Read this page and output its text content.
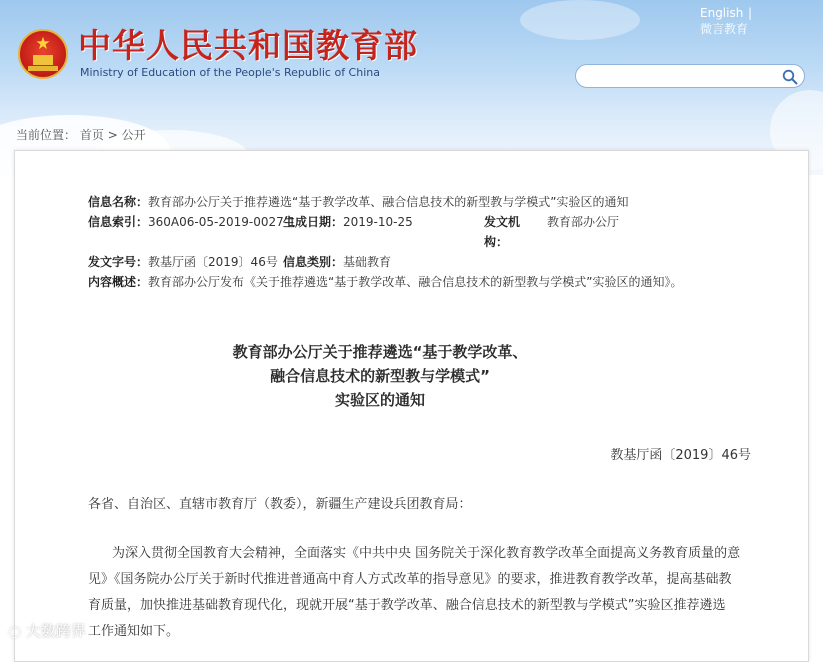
★ 中华人民共和国教育部
Ministry of Education of the People's Republic of China
English |
微言教育
当前位置： 首页 > 公开
信息名称：教育部办公厅关于推荐遴选“基于教学改革、融合信息技术的新型教与学模式”实验区的通知
信息索引：360A06-05-2019-0027-1
生成日期：2019-10-25	发文机
构：
教育部办公厅
发文字号：教基厅函〔2019〕46号 信息类别：基础教育
内容概述：教育部办公厅发布《关于推荐遴选“基于教学改革、融合信息技术的新型教与学模式”实验区的通知》。
教育部办公厅关于推荐遴选“基于教学改革、
融合信息技术的新型教与学模式”
实验区的通知
教基厅函〔2019〕46号
各省、自治区、直辖市教育厅（教委），新疆生产建设兵团教育局：
为深入贯彻全国教育大会精神，全面落实《中共中央 国务院关于深化教育教学改革全面提高义务教育质量的意
见》《国务院办公厅关于新时代推进普通高中育人方式改革的指导意见》的要求，推进教育教学改革，提高基础教
育质量，加快推进基础教育现代化，现就开展“基于教学改革、融合信息技术的新型教与学模式”实验区推荐遴选
工作通知如下。
◌ 大数跨界
